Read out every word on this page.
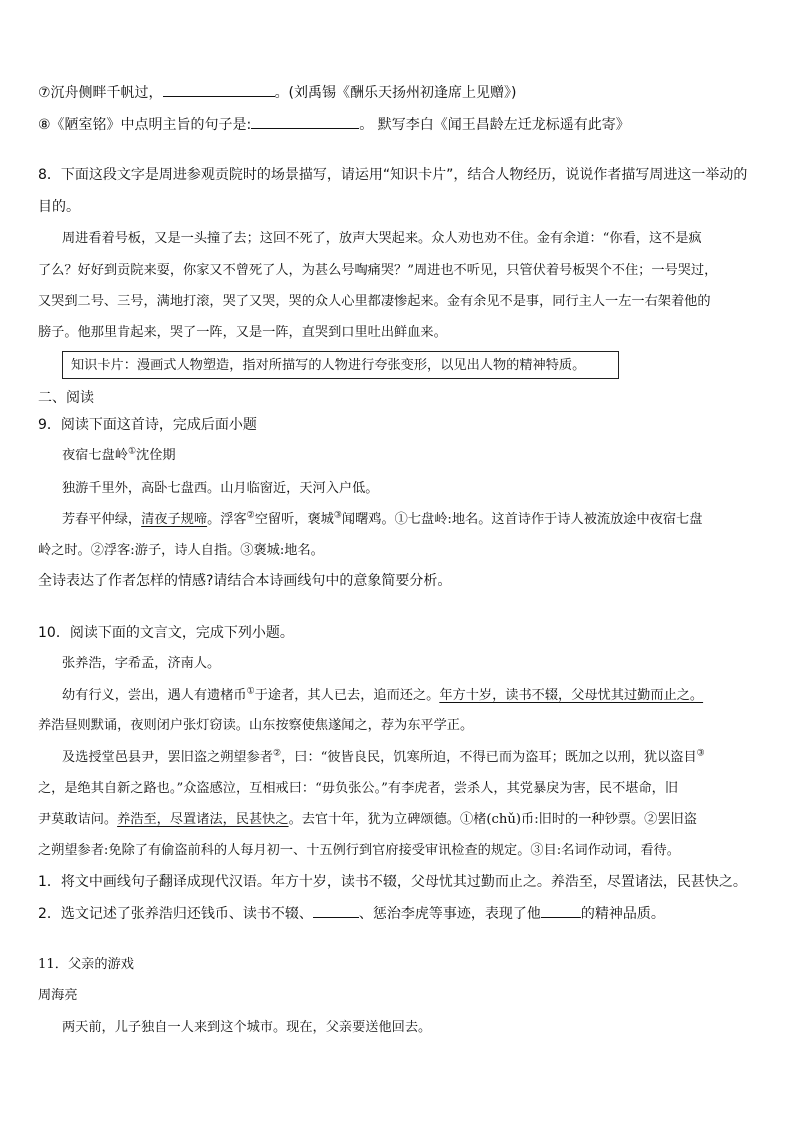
⑦沉舟侧畔千帆过，	。(刘禹锡《酬乐天扬州初逢席上见赠》)
⑧《陋室铭》中点明主旨的句子是:	。 默写李白《闻王昌龄左迁龙标遥有此寄》
8．下面这段文字是周进参观贡院时的场景描写，请运用“知识卡片”，结合人物经历，说说作者描写周进这一举动的
目的。
周进看着号板，又是一头撞了去；这回不死了，放声大哭起来。众人劝也劝不住。金有余道：“你看，这不是疯
了么？好好到贡院来耍，你家又不曾死了人，为甚么号啕痛哭？”周进也不听见，只管伏着号板哭个不住；一号哭过，
又哭到二号、三号，满地打滚，哭了又哭，哭的众人心里都凄惨起来。金有余见不是事，同行主人一左一右架着他的
膀子。他那里肯起来，哭了一阵，又是一阵，直哭到口里吐出鲜血来。
知识卡片：漫画式人物塑造，指对所描写的人物进行夸张变形，以见出人物的精神特质。
二、阅读
9．阅读下面这首诗，完成后面小题
夜宿七盘岭①沈佺期
独游千里外，高卧七盘西。山月临窗近，天河入户低。
芳春平仲绿，清夜子规啼。浮客②空留听，褒城③闻曙鸡。①七盘岭:地名。这首诗作于诗人被流放途中夜宿七盘
岭之时。②浮客:游子，诗人自指。③褒城:地名。
全诗表达了作者怎样的情感?请结合本诗画线句中的意象简要分析。
10．阅读下面的文言文，完成下列小题。
张养浩，字希孟，济南人。
幼有行义，尝出，遇人有遗楮币①于途者，其人已去，追而还之。年方十岁，读书不辍，父母忧其过勤而止之。
养浩昼则默诵，夜则闭户张灯窃读。山东按察使焦遂闻之，荐为东平学正。
及选授堂邑县尹，罢旧盗之朔望参者②，曰：“彼皆良民，饥寒所迫，不得已而为盗耳；既加之以刑，犹以盗目③
之，是绝其自新之路也。”众盗感泣，互相戒曰：“毋负张公。”有李虎者，尝杀人，其党暴戾为害，民不堪命，旧
尹莫敢诘问。养浩至，尽置诸法，民甚快之。去官十年，犹为立碑颂德。①楮(chǔ)币:旧时的一种钞票。②罢旧盗
之朔望参者:免除了有偷盗前科的人每月初一、十五例行到官府接受审讯检查的规定。③目:名词作动词，看待。
1．将文中画线句子翻译成现代汉语。年方十岁，读书不辍，父母忧其过勤而止之。养浩至，尽置诸法，民甚快之。
2．选文记述了张养浩归还钱币、读书不辍、	、惩治李虎等事迹，表现了他	的精神品质。
11．父亲的游戏
周海亮
两天前，儿子独自一人来到这个城市。现在，父亲要送他回去。
